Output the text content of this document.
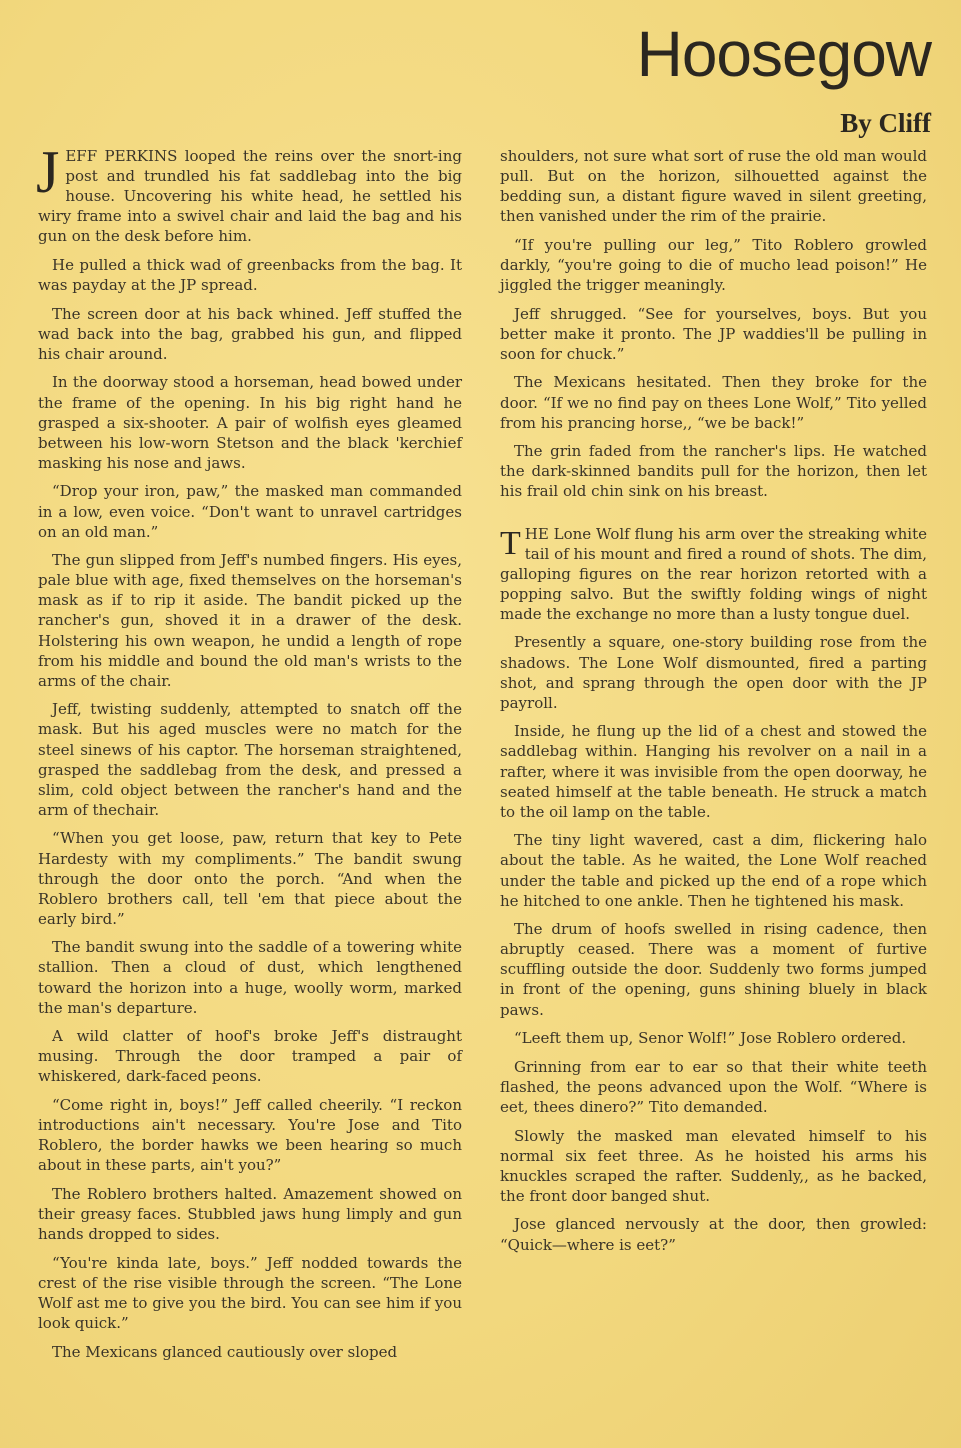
Hoosegow
By Cliff

JEFF PERKINS looped the reins over the snort-ing post and trundled his fat saddlebag into the big house. Uncovering his white head, he settled his wiry frame into a swivel chair and laid the bag and his gun on the desk before him.

He pulled a thick wad of greenbacks from the bag. It was payday at the JP spread.

The screen door at his back whined. Jeff stuffed the wad back into the bag, grabbed his gun, and flipped his chair around.

In the doorway stood a horseman, head bowed under the frame of the opening. In his big right hand he grasped a six-shooter. A pair of wolfish eyes gleamed between his low-worn Stetson and the black 'kerchief masking his nose and jaws.

“Drop your iron, paw,” the masked man commanded in a low, even voice. “Don't want to unravel cartridges on an old man.”

The gun slipped from Jeff's numbed fingers. His eyes, pale blue with age, fixed themselves on the horseman's mask as if to rip it aside. The bandit picked up the rancher's gun, shoved it in a drawer of the desk. Holstering his own weapon, he undid a length of rope from his middle and bound the old man's wrists to the arms of the chair.

Jeff, twisting suddenly, attempted to snatch off the mask. But his aged muscles were no match for the steel sinews of his captor. The horseman straightened, grasped the saddlebag from the desk, and pressed a slim, cold object between the rancher's hand and the arm of thechair.

“When you get loose, paw, return that key to Pete Hardesty with my compliments.” The bandit swung through the door onto the porch. “And when the Roblero brothers call, tell 'em that piece about the early bird.”

The bandit swung into the saddle of a towering white stallion. Then a cloud of dust, which lengthened toward the horizon into a huge, woolly worm, marked the man's departure.

A wild clatter of hoof's broke Jeff's distraught musing. Through the door tramped a pair of whiskered, dark-faced peons.

“Come right in, boys!” Jeff called cheerily. “I reckon introductions ain't necessary. You're Jose and Tito Roblero, the border hawks we been hearing so much about in these parts, ain't you?”

The Roblero brothers halted. Amazement showed on their greasy faces. Stubbled jaws hung limply and gun hands dropped to sides.

“You're kinda late, boys.” Jeff nodded towards the crest of the rise visible through the screen. “The Lone Wolf ast me to give you the bird. You can see him if you look quick.”

The Mexicans glanced cautiously over sloped

shoulders, not sure what sort of ruse the old man would pull. But on the horizon, silhouetted against the bedding sun, a distant figure waved in silent greeting, then vanished under the rim of the prairie.

“If you're pulling our leg,” Tito Roblero growled darkly, “you're going to die of mucho lead poison!” He jiggled the trigger meaningly.

Jeff shrugged. “See for yourselves, boys. But you better make it pronto. The JP waddies'll be pulling in soon for chuck.”

The Mexicans hesitated. Then they broke for the door. “If we no find pay on thees Lone Wolf,” Tito yelled from his prancing horse,, “we be back!”

The grin faded from the rancher's lips. He watched the dark-skinned bandits pull for the horizon, then let his frail old chin sink on his breast.

THE Lone Wolf flung his arm over the streaking white tail of his mount and fired a round of shots. The dim, galloping figures on the rear horizon retorted with a popping salvo. But the swiftly folding wings of night made the exchange no more than a lusty tongue duel.

Presently a square, one-story building rose from the shadows. The Lone Wolf dismounted, fired a parting shot, and sprang through the open door with the JP payroll.

Inside, he flung up the lid of a chest and stowed the saddlebag within. Hanging his revolver on a nail in a rafter, where it was invisible from the open doorway, he seated himself at the table beneath. He struck a match to the oil lamp on the table.

The tiny light wavered, cast a dim, flickering halo about the table. As he waited, the Lone Wolf reached under the table and picked up the end of a rope which he hitched to one ankle. Then he tightened his mask.

The drum of hoofs swelled in rising cadence, then abruptly ceased. There was a moment of furtive scuffling outside the door. Suddenly two forms jumped in front of the opening, guns shining bluely in black paws.

“Leeft them up, Senor Wolf!” Jose Roblero ordered.

Grinning from ear to ear so that their white teeth flashed, the peons advanced upon the Wolf. “Where is eet, thees dinero?” Tito demanded.

Slowly the masked man elevated himself to his normal six feet three. As he hoisted his arms his knuckles scraped the rafter. Suddenly,, as he backed, the front door banged shut.

Jose glanced nervously at the door, then growled: “Quick—where is eet?”
